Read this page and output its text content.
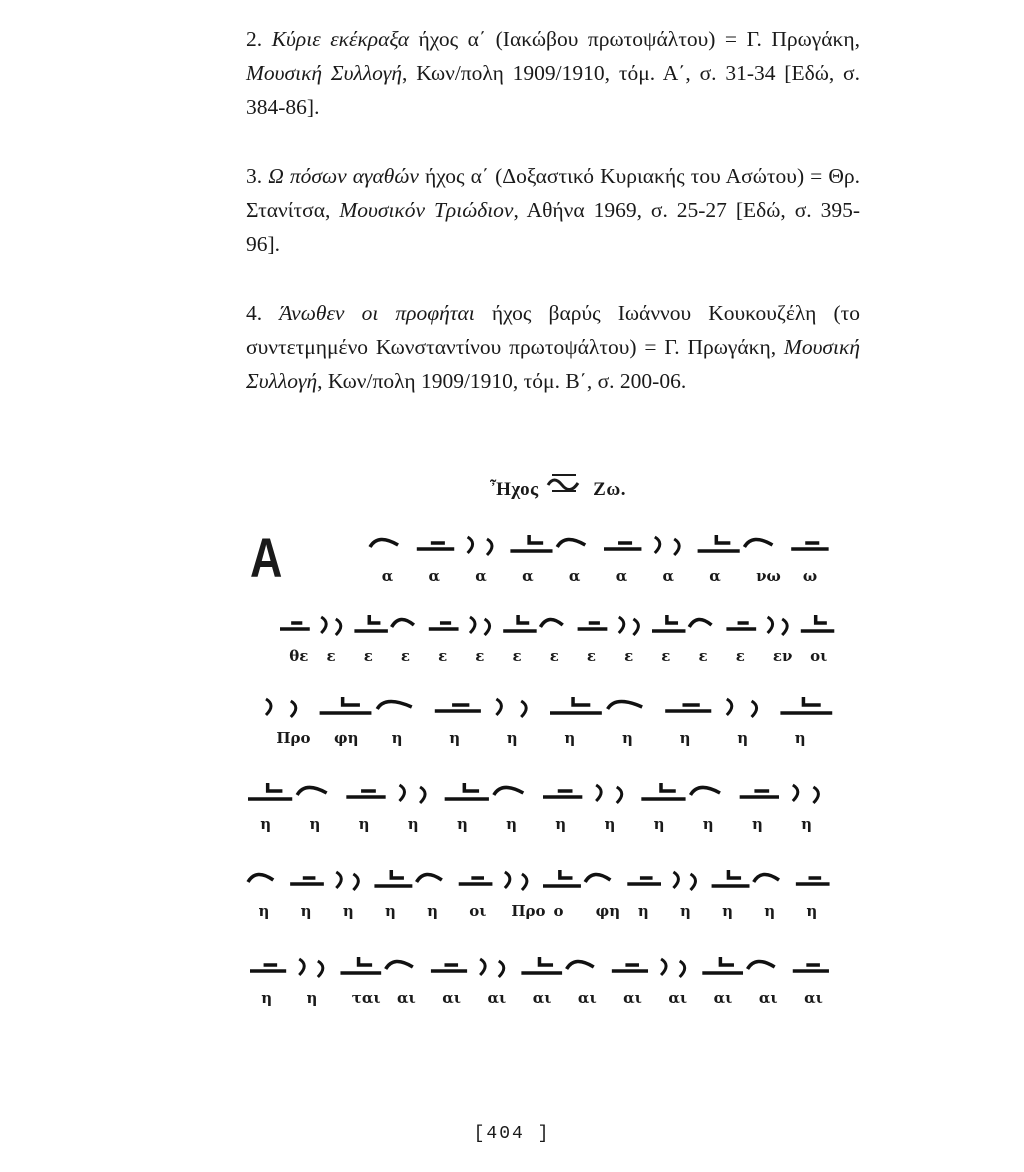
2. Κύριε εκέκραξα ήχος α΄ (Ιακώβου πρωτοψάλτου) = Γ. Πρωγάκη, Μουσική Συλλογή, Κων/πολη 1909/1910, τόμ. Α΄, σ. 31-34 [Εδώ, σ. 384-86].
3. Ω πόσων αγαθών ήχος α΄ (Δοξαστικό Κυριακής του Ασώτου) = Θρ. Στανίτσα, Μουσικόν Τριώδιον, Αθήνα 1969, σ. 25-27 [Εδώ, σ. 395-96].
4. Άνωθεν οι προφήται ήχος βαρύς Ιωάννου Κουκουζέλη (το συντετμημένο Κωνσταντίνου πρωτοψάλτου) = Γ. Πρωγάκη, Μουσική Συλλογή, Κων/πολη 1909/1910, τόμ. Β΄, σ. 200-06.
Ἦχος	Ζω.
Α	α α α α α α α α νω ω
θε ε ε ε ε ε ε ε ε ε ε ε ε εν οι
Προ φη η	η	η	η	η	η	η	η
η	η	η	η	η	η	η	η	η	η	η	η
η η η η η οι Προ ο φη η η η η η
η η ται αι αι αι αι αι αι αι αι αι αι
[404 ]
